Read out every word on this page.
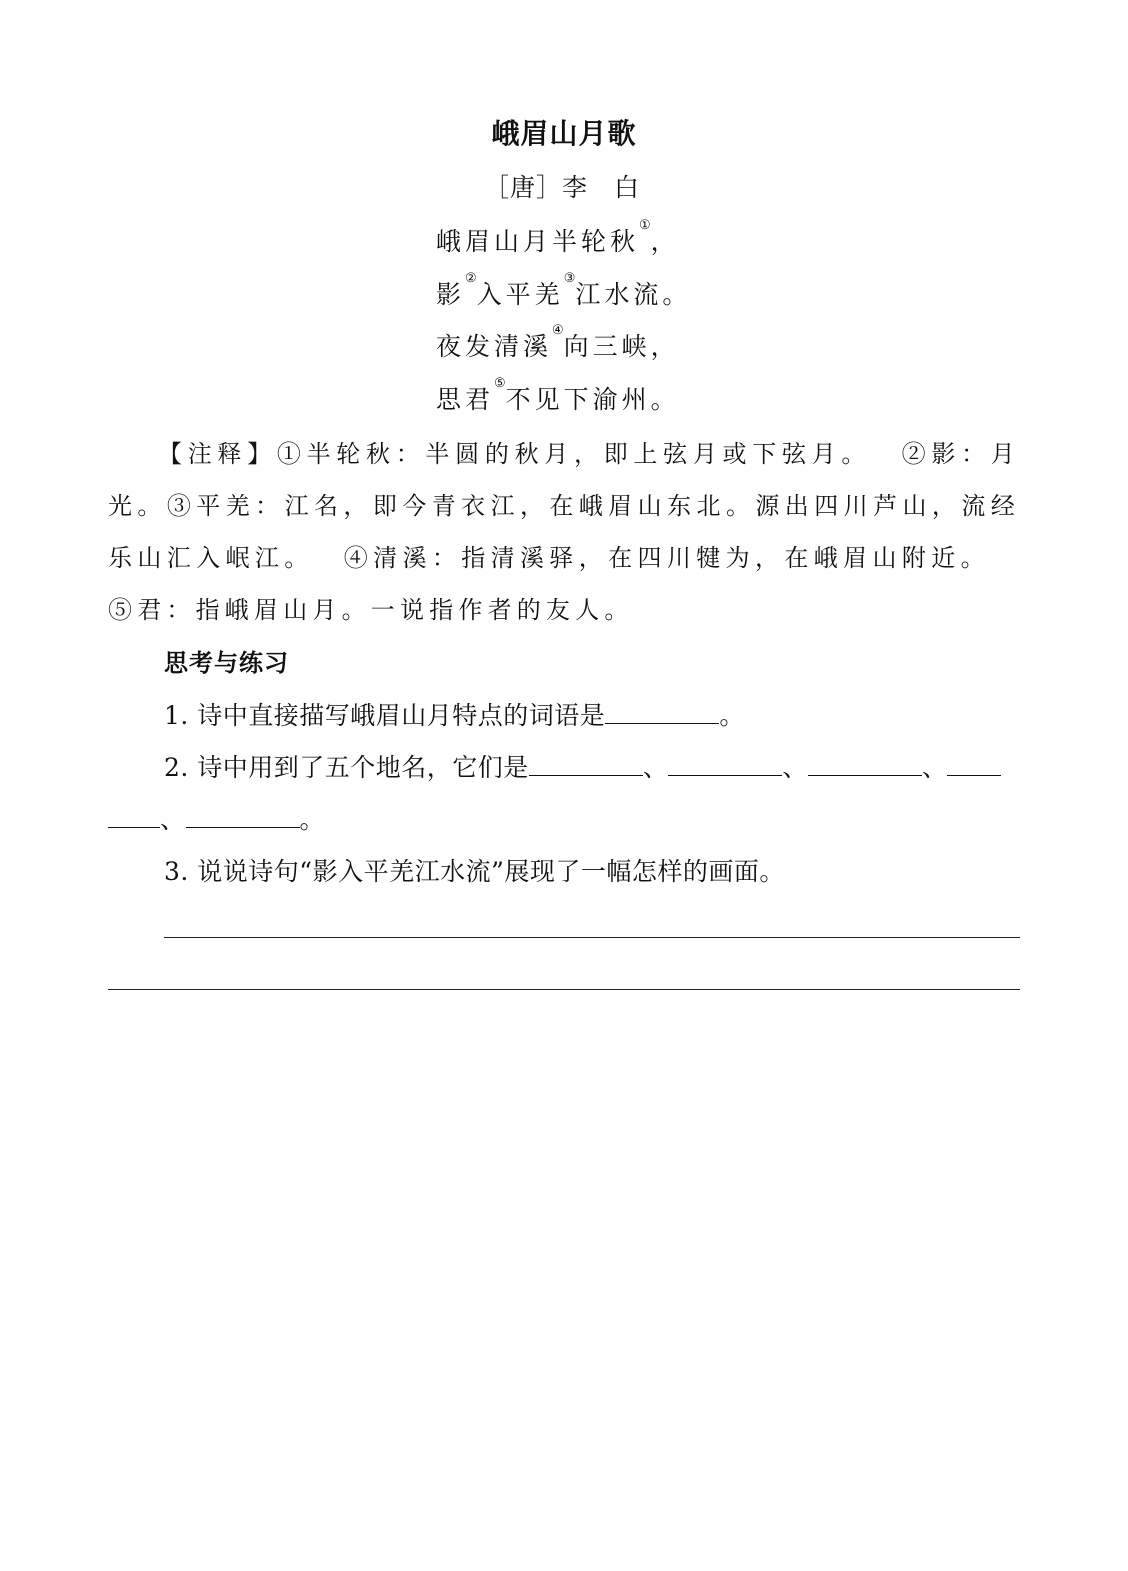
峨眉山月歌
［唐］李 白
峨眉山月半轮秋①，
影②入平羌③江水流。
夜发清溪④向三峡，
思君⑤不见下渝州。
【注释】①半轮秋：半圆的秋月，即上弦月或下弦月。 ②影：月光。③平羌：江名，即今青衣江，在峨眉山东北。源出四川芦山，流经乐山汇入岷江。 ④清溪：指清溪驿，在四川犍为，在峨眉山附近。⑤君：指峨眉山月。一说指作者的友人。
思考与练习
1. 诗中直接描写峨眉山月特点的词语是	。
2. 诗中用到了五个地名，它们是	、	、	、
、	。
3. 说说诗句“影入平羌江水流”展现了一幅怎样的画面。
